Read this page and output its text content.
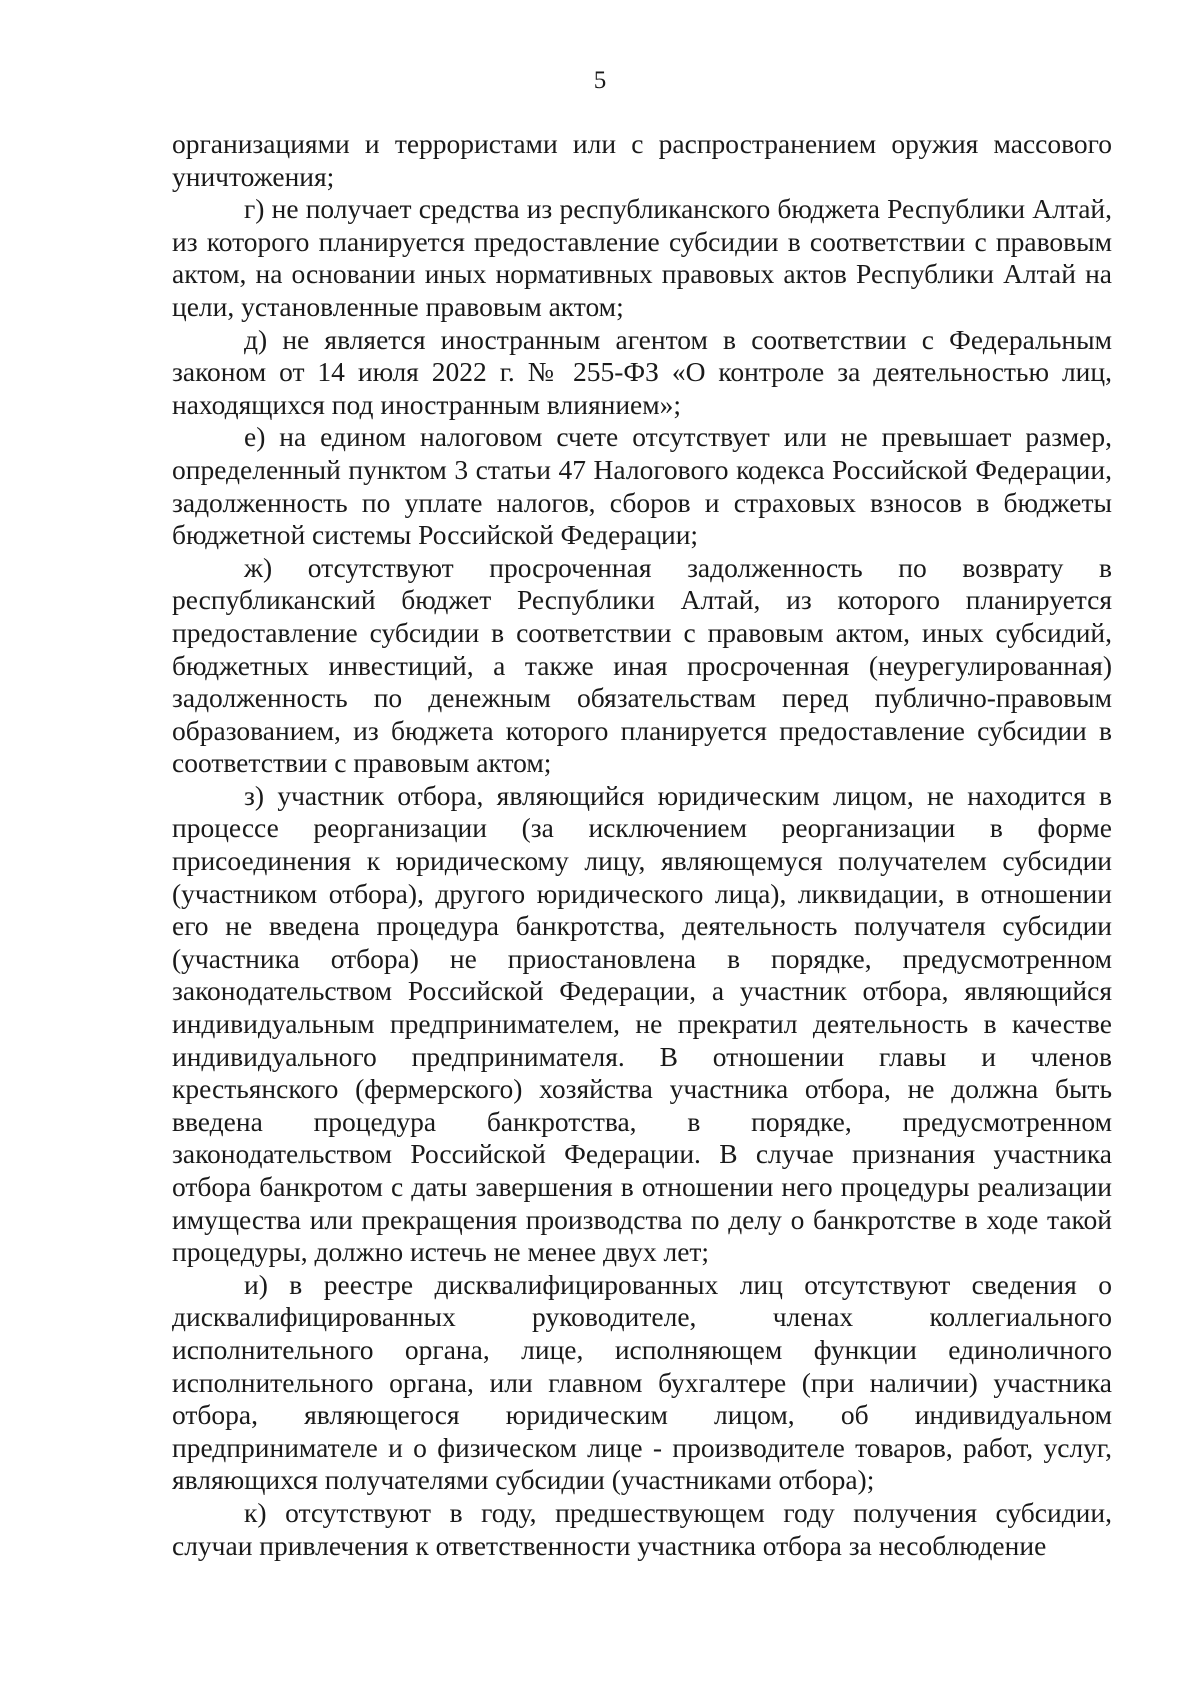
5

организациями и террористами или с распространением оружия массового уничтожения;

г) не получает средства из республиканского бюджета Республики Алтай, из которого планируется предоставление субсидии в соответствии с правовым актом, на основании иных нормативных правовых актов Республики Алтай на цели, установленные правовым актом;

д) не является иностранным агентом в соответствии с Федеральным законом от 14 июля 2022 г. № 255-ФЗ «О контроле за деятельностью лиц, находящихся под иностранным влиянием»;

е) на едином налоговом счете отсутствует или не превышает размер, определенный пунктом 3 статьи 47 Налогового кодекса Российской Федерации, задолженность по уплате налогов, сборов и страховых взносов в бюджеты бюджетной системы Российской Федерации;

ж) отсутствуют просроченная задолженность по возврату в республиканский бюджет Республики Алтай, из которого планируется предоставление субсидии в соответствии с правовым актом, иных субсидий, бюджетных инвестиций, а также иная просроченная (неурегулированная) задолженность по денежным обязательствам перед публично-правовым образованием, из бюджета которого планируется предоставление субсидии в соответствии с правовым актом;

з) участник отбора, являющийся юридическим лицом, не находится в процессе реорганизации (за исключением реорганизации в форме присоединения к юридическому лицу, являющемуся получателем субсидии (участником отбора), другого юридического лица), ликвидации, в отношении его не введена процедура банкротства, деятельность получателя субсидии (участника отбора) не приостановлена в порядке, предусмотренном законодательством Российской Федерации, а участник отбора, являющийся индивидуальным предпринимателем, не прекратил деятельность в качестве индивидуального предпринимателя. В отношении главы и членов крестьянского (фермерского) хозяйства участника отбора, не должна быть введена процедура банкротства, в порядке, предусмотренном законодательством Российской Федерации. В случае признания участника отбора банкротом с даты завершения в отношении него процедуры реализации имущества или прекращения производства по делу о банкротстве в ходе такой процедуры, должно истечь не менее двух лет;

и) в реестре дисквалифицированных лиц отсутствуют сведения о дисквалифицированных руководителе, членах коллегиального исполнительного органа, лице, исполняющем функции единоличного исполнительного органа, или главном бухгалтере (при наличии) участника отбора, являющегося юридическим лицом, об индивидуальном предпринимателе и о физическом лице - производителе товаров, работ, услуг, являющихся получателями субсидии (участниками отбора);

к) отсутствуют в году, предшествующем году получения субсидии, случаи привлечения к ответственности участника отбора за несоблюдение
